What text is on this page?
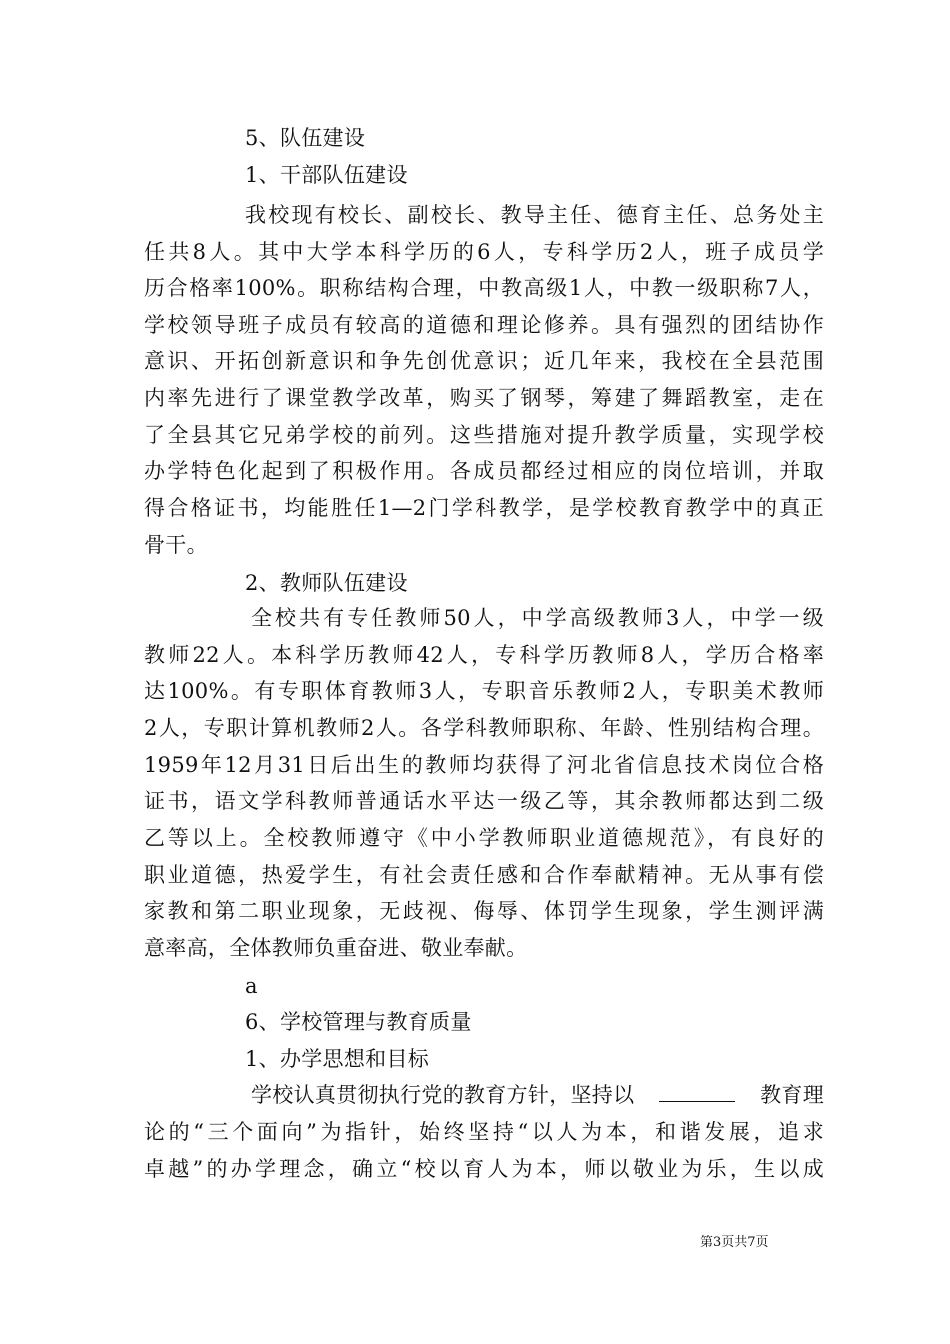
5、队伍建设
1、干部队伍建设
我校现有校长、副校长、教导主任、德育主任、总务处主
任共8人。其中大学本科学历的6人，专科学历2人，班子成员学
历合格率100%。职称结构合理，中教高级1人，中教一级职称7人，
学校领导班子成员有较高的道德和理论修养。具有强烈的团结协作
意识、开拓创新意识和争先创优意识；近几年来，我校在全县范围
内率先进行了课堂教学改革，购买了钢琴，筹建了舞蹈教室，走在
了全县其它兄弟学校的前列。这些措施对提升教学质量，实现学校
办学特色化起到了积极作用。各成员都经过相应的岗位培训，并取
得合格证书，均能胜任1—2门学科教学，是学校教育教学中的真正
骨干。
2、教师队伍建设
全校共有专任教师50人，中学高级教师3人，中学一级
教师22人。本科学历教师42人，专科学历教师8人，学历合格率
达100%。有专职体育教师3人，专职音乐教师2人，专职美术教师
2人，专职计算机教师2人。各学科教师职称、年龄、性别结构合理。
1959年12月31日后出生的教师均获得了河北省信息技术岗位合格
证书，语文学科教师普通话水平达一级乙等，其余教师都达到二级
乙等以上。全校教师遵守《中小学教师职业道德规范》，有良好的
职业道德，热爱学生，有社会责任感和合作奉献精神。无从事有偿
家教和第二职业现象，无歧视、侮辱、体罚学生现象，学生测评满
意率高，全体教师负重奋进、敬业奉献。
a
6、学校管理与教育质量
1、办学思想和目标
学校认真贯彻执行党的教育方针，坚持以	教育理
论的“三个面向”为指针，始终坚持“以人为本，和谐发展，追求
卓越”的办学理念，确立“校以育人为本，师以敬业为乐，生以成
第3页共7页
